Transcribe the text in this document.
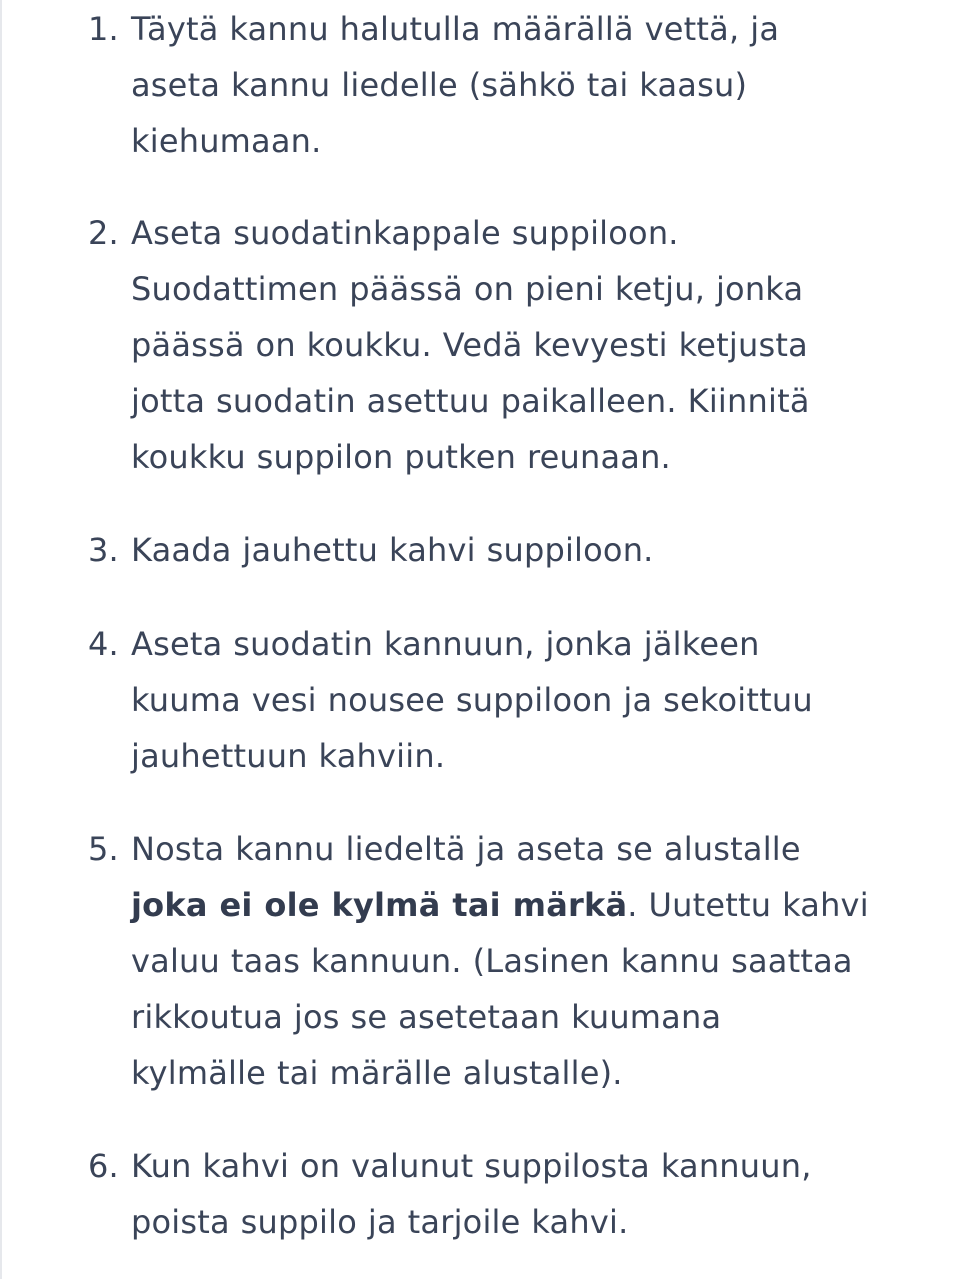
1. Täytä kannu halutulla määrällä vettä, ja
aseta kannu liedelle (sähkö tai kaasu)
kiehumaan.
2. Aseta suodatinkappale suppiloon.
Suodattimen päässä on pieni ketju, jonka
päässä on koukku. Vedä kevyesti ketjusta
jotta suodatin asettuu paikalleen. Kiinnitä
koukku suppilon putken reunaan.
3. Kaada jauhettu kahvi suppiloon.
4. Aseta suodatin kannuun, jonka jälkeen
kuuma vesi nousee suppiloon ja sekoittuu
jauhettuun kahviin.
5. Nosta kannu liedeltä ja aseta se alustalle
joka ei ole kylmä tai märkä. Uutettu kahvi
valuu taas kannuun. (Lasinen kannu saattaa
rikkoutua jos se asetetaan kuumana
kylmälle tai märälle alustalle).
6. Kun kahvi on valunut suppilosta kannuun,
poista suppilo ja tarjoile kahvi.
